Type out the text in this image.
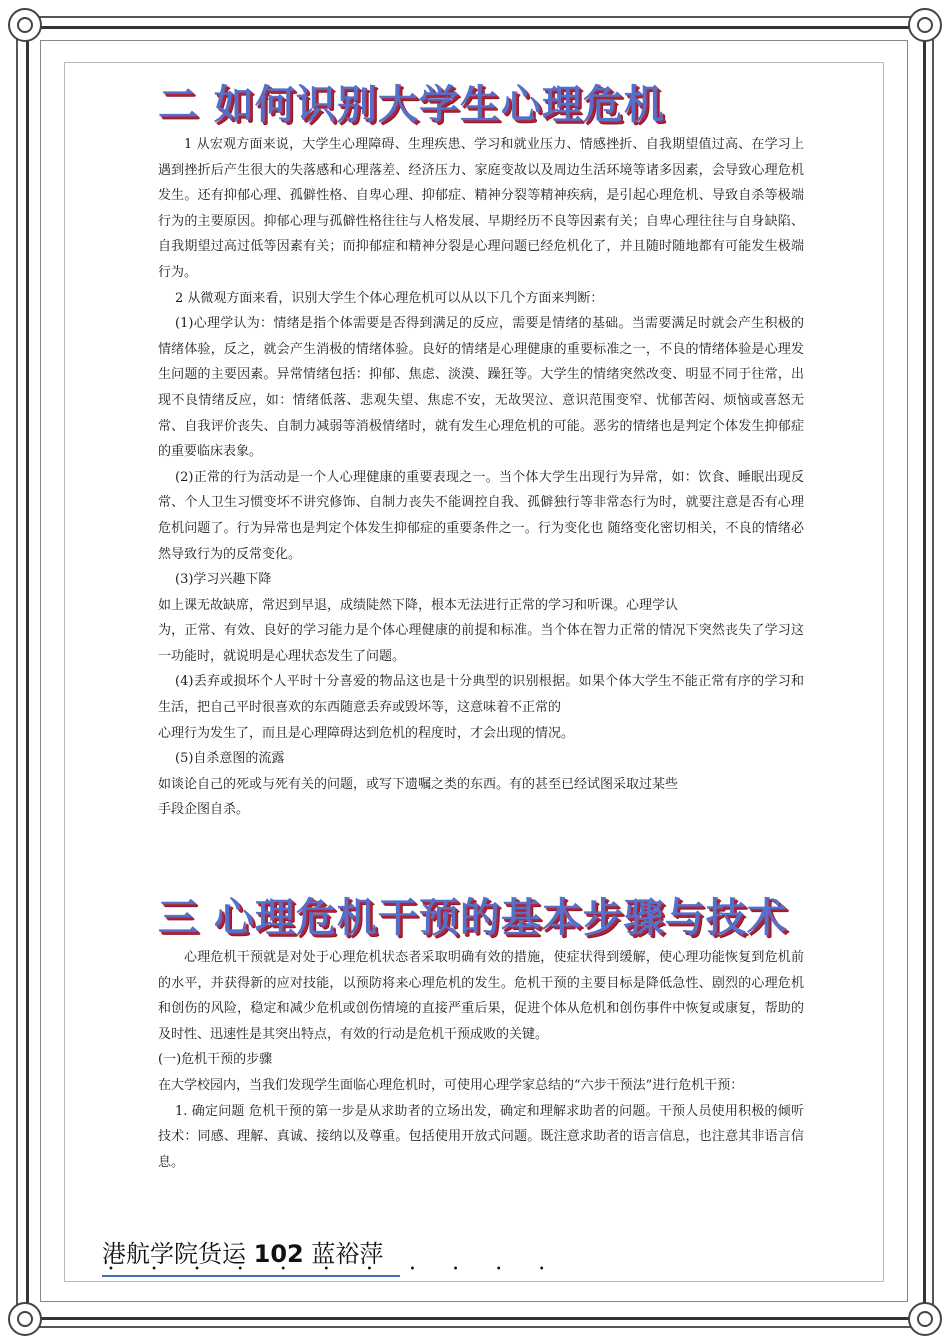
二 如何识别大学生心理危机

1 从宏观方面来说，大学生心理障碍、生理疾患、学习和就业压力、情感挫折、自我期望值过高、在学习上遇到挫折后产生很大的失落感和心理落差、经济压力、家庭变故以及周边生活环境等诸多因素，会导致心理危机发生。还有抑郁心理、孤僻性格、自卑心理、抑郁症、精神分裂等精神疾病，是引起心理危机、导致自杀等极端行为的主要原因。抑郁心理与孤僻性格往往与人格发展、早期经历不良等因素有关；自卑心理往往与自身缺陷、自我期望过高过低等因素有关；而抑郁症和精神分裂是心理问题已经危机化了，并且随时随地都有可能发生极端行为。

2 从微观方面来看，识别大学生个体心理危机可以从以下几个方面来判断：

(1)心理学认为：情绪是指个体需要是否得到满足的反应，需要是情绪的基础。当需要满足时就会产生积极的情绪体验，反之，就会产生消极的情绪体验。良好的情绪是心理健康的重要标准之一，不良的情绪体验是心理发生问题的主要因素。异常情绪包括：抑郁、焦虑、淡漠、躁狂等。大学生的情绪突然改变、明显不同于往常，出现不良情绪反应，如：情绪低落、悲观失望、焦虑不安，无故哭泣、意识范围变窄、忧郁苦闷、烦恼或喜怒无常、自我评价丧失、自制力减弱等消极情绪时，就有发生心理危机的可能。恶劣的情绪也是判定个体发生抑郁症的重要临床表象。

(2)正常的行为活动是一个人心理健康的重要表现之一。当个体大学生出现行为异常，如：饮食、睡眠出现反常、个人卫生习惯变坏不讲究修饰、自制力丧失不能调控自我、孤僻独行等非常态行为时，就要注意是否有心理危机问题了。行为异常也是判定个体发生抑郁症的重要条件之一。行为变化也 随络变化密切相关，不良的情绪必然导致行为的反常变化。

(3)学习兴趣下降

如上课无故缺席，常迟到早退，成绩陡然下降，根本无法进行正常的学习和听课。心理学认

为，正常、有效、良好的学习能力是个体心理健康的前提和标准。当个体在智力正常的情况下突然丧失了学习这一功能时，就说明是心理状态发生了问题。

(4)丢弃或损坏个人平时十分喜爱的物品这也是十分典型的识别根据。如果个体大学生不能正常有序的学习和生活，把自己平时很喜欢的东西随意丢弃或毁坏等，这意味着不正常的

心理行为发生了，而且是心理障碍达到危机的程度时，才会出现的情况。

(5)自杀意图的流露

如谈论自己的死或与死有关的问题，或写下遗嘱之类的东西。有的甚至已经试图采取过某些

手段企图自杀。

三 心理危机干预的基本步骤与技术

心理危机干预就是对处于心理危机状态者采取明确有效的措施，使症状得到缓解，使心理功能恢复到危机前的水平，并获得新的应对技能，以预防将来心理危机的发生。危机干预的主要目标是降低急性、剧烈的心理危机和创伤的风险，稳定和减少危机或创伤情境的直接严重后果，促进个体从危机和创伤事件中恢复或康复，帮助的及时性、迅速性是其突出特点，有效的行动是危机干预成败的关键。

(一)危机干预的步骤

在大学校园内，当我们发现学生面临心理危机时，可使用心理学家总结的“六步干预法”进行危机干预：

1. 确定问题 危机干预的第一步是从求助者的立场出发，确定和理解求助者的问题。干预人员使用积极的倾听技术：同感、理解、真诚、接纳以及尊重。包括使用开放式问题。既注意求助者的语言信息，也注意其非语言信息。

港航学院货运 102 蓝裕萍
• • • • • • • • • • •
